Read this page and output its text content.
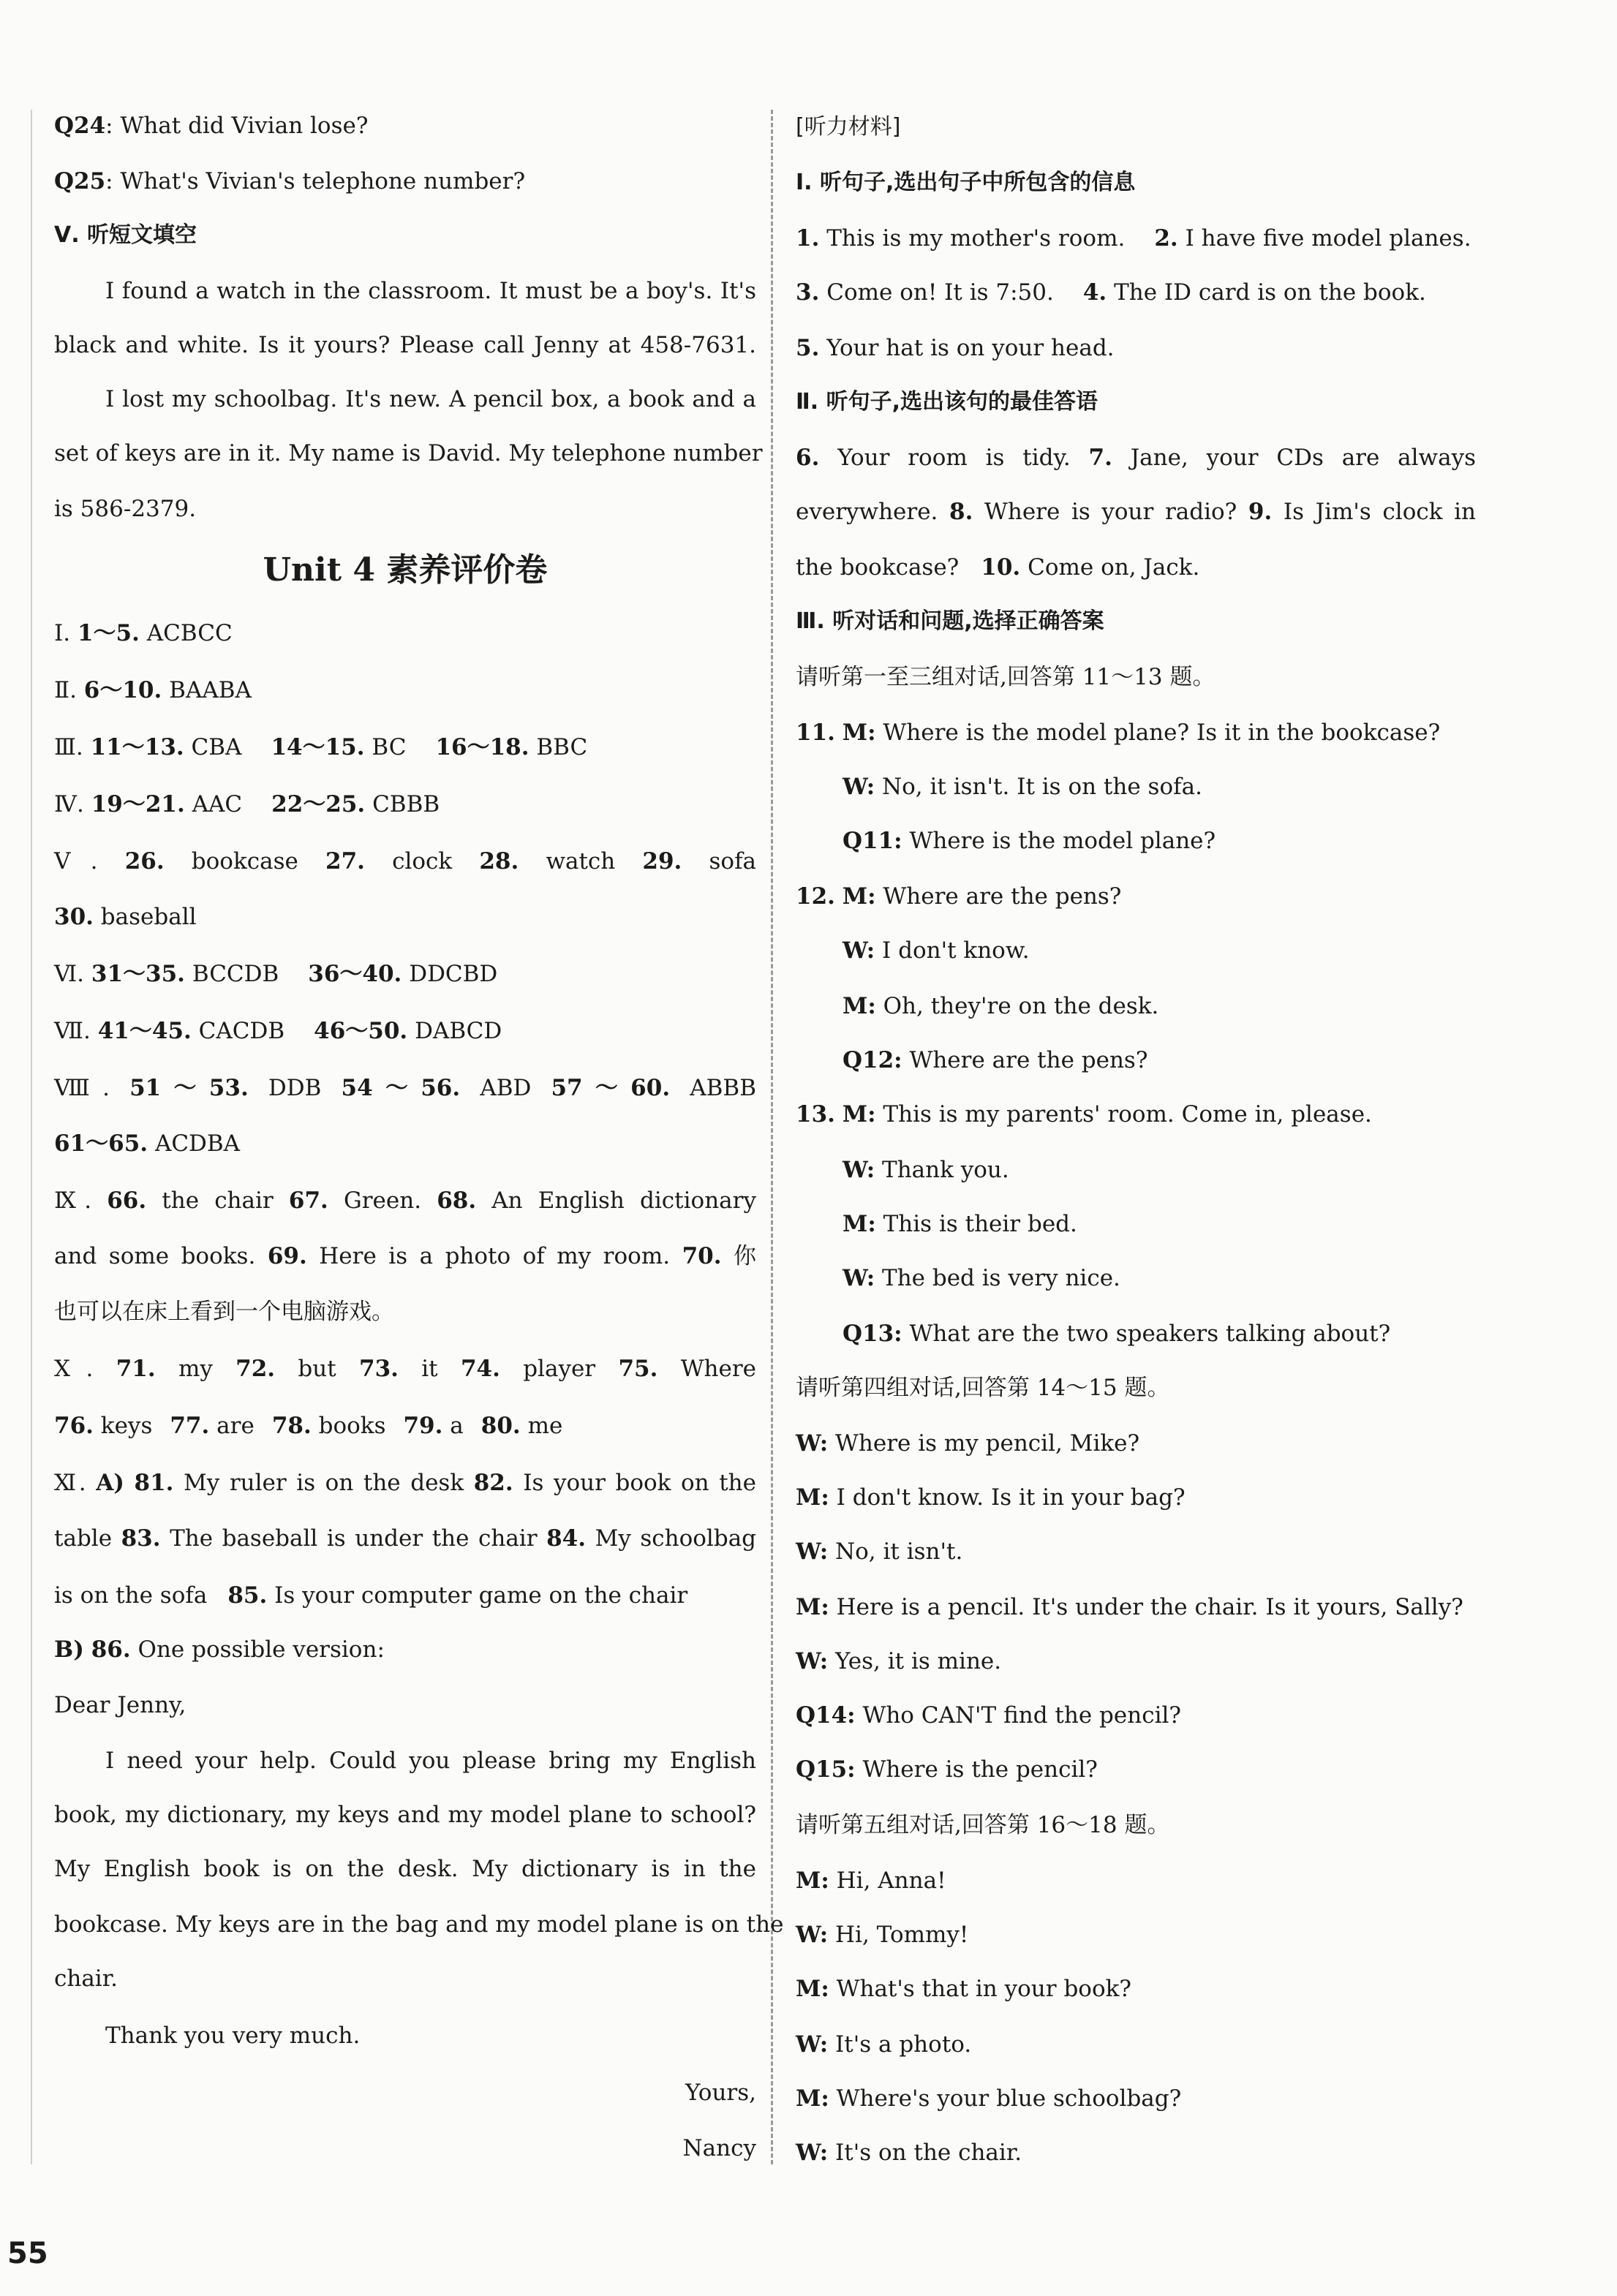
Q24: What did Vivian lose?
Q25: What's Vivian's telephone number?
Ⅴ. 听短文填空
I found a watch in the classroom. It must be a boy's. It's
black and white. Is it yours? Please call Jenny at 458-7631.
I lost my schoolbag. It's new. A pencil box, a book and a
set of keys are in it. My name is David. My telephone number
is 586-2379.
Unit 4 素养评价卷
Ⅰ. 1～5. ACBCC
Ⅱ. 6～10. BAABA
Ⅲ. 11～13. CBA 14～15. BC 16～18. BBC
Ⅳ. 19～21. AAC 22～25. CBBB
Ⅴ. 26. bookcase 27. clock 28. watch 29. sofa
30. baseball
Ⅵ. 31～35. BCCDB 36～40. DDCBD
Ⅶ. 41～45. CACDB 46～50. DABCD
Ⅷ. 51～53. DDB 54～56. ABD 57～60. ABBB
61～65. ACDBA
Ⅸ. 66. the chair 67. Green. 68. An English dictionary
and some books. 69. Here is a photo of my room. 70. 你
也可以在床上看到一个电脑游戏。
Ⅹ. 71. my 72. but 73. it 74. player 75. Where
76. keys 77. are 78. books 79. a 80. me
Ⅺ. A) 81. My ruler is on the desk 82. Is your book on the
table 83. The baseball is under the chair 84. My schoolbag
is on the sofa 85. Is your computer game on the chair
B) 86. One possible version:
Dear Jenny,
I need your help. Could you please bring my English
book, my dictionary, my keys and my model plane to school?
My English book is on the desk. My dictionary is in the
bookcase. My keys are in the bag and my model plane is on the
chair.
Thank you very much.
Yours,
Nancy
[听力材料]
Ⅰ. 听句子,选出句子中所包含的信息
1. This is my mother's room. 2. I have five model planes.
3. Come on! It is 7:50. 4. The ID card is on the book.
5. Your hat is on your head.
Ⅱ. 听句子,选出该句的最佳答语
6. Your room is tidy. 7. Jane, your CDs are always
everywhere. 8. Where is your radio? 9. Is Jim's clock in
the bookcase? 10. Come on, Jack.
Ⅲ. 听对话和问题,选择正确答案
请听第一至三组对话,回答第 11～13 题。
11. M: Where is the model plane? Is it in the bookcase?
W: No, it isn't. It is on the sofa.
Q11: Where is the model plane?
12. M: Where are the pens?
W: I don't know.
M: Oh, they're on the desk.
Q12: Where are the pens?
13. M: This is my parents' room. Come in, please.
W: Thank you.
M: This is their bed.
W: The bed is very nice.
Q13: What are the two speakers talking about?
请听第四组对话,回答第 14～15 题。
W: Where is my pencil, Mike?
M: I don't know. Is it in your bag?
W: No, it isn't.
M: Here is a pencil. It's under the chair. Is it yours, Sally?
W: Yes, it is mine.
Q14: Who CAN'T find the pencil?
Q15: Where is the pencil?
请听第五组对话,回答第 16～18 题。
M: Hi, Anna!
W: Hi, Tommy!
M: What's that in your book?
W: It's a photo.
M: Where's your blue schoolbag?
W: It's on the chair.
55
